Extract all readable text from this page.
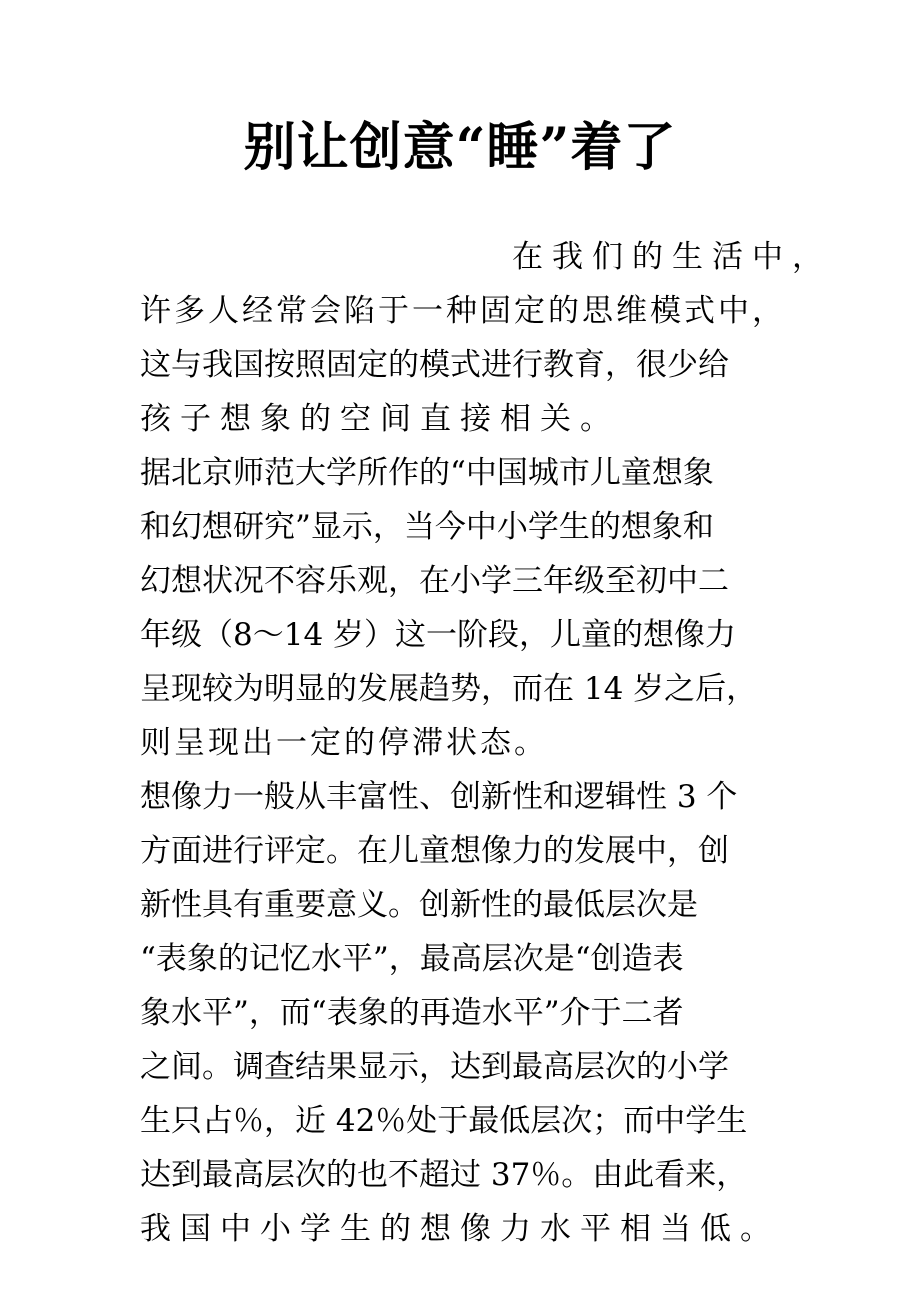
别让创意“睡”着了
在我们的生活中，
许多人经常会陷于一种固定的思维模式中，
这与我国按照固定的模式进行教育，很少给
孩子想象的空间直接相关。
据北京师范大学所作的“中国城市儿童想象
和幻想研究”显示，当今中小学生的想象和
幻想状况不容乐观，在小学三年级至初中二
年级（8～14 岁）这一阶段，儿童的想像力
呈现较为明显的发展趋势，而在 14 岁之后，
则呈现出一定的停滞状态。
想像力一般从丰富性、创新性和逻辑性 3 个
方面进行评定。在儿童想像力的发展中，创
新性具有重要意义。创新性的最低层次是
“表象的记忆水平”，最高层次是“创造表
象水平”，而“表象的再造水平”介于二者
之间。调查结果显示，达到最高层次的小学
生只占％，近 42％处于最低层次；而中学生
达到最高层次的也不超过 37％。由此看来，
我国中小学生的想像力水平相当低。
